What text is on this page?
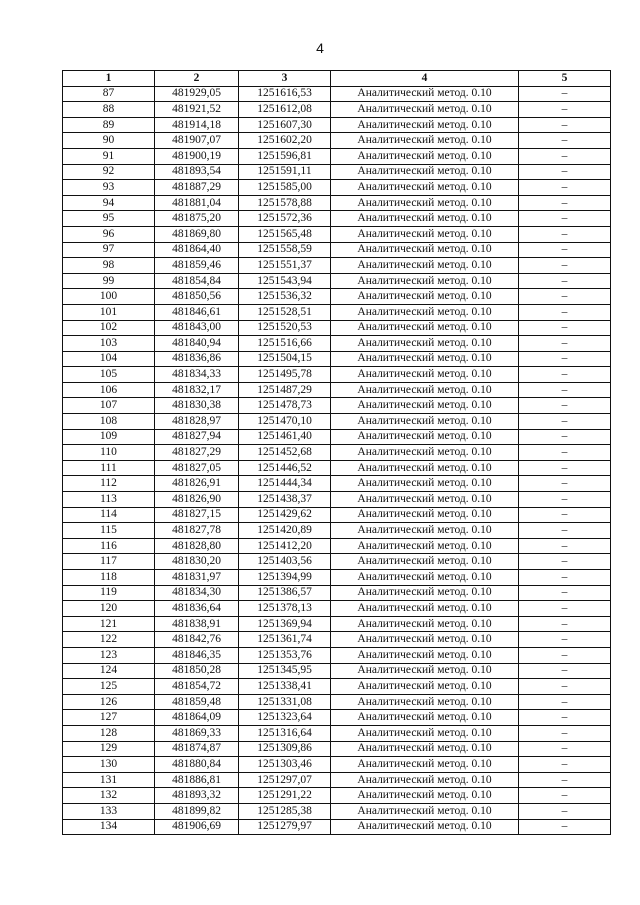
4
1	2	3	4	5
87	481929,05	1251616,53	Аналитический метод. 0.10	–
88	481921,52	1251612,08	Аналитический метод. 0.10	–
89	481914,18	1251607,30	Аналитический метод. 0.10	–
90	481907,07	1251602,20	Аналитический метод. 0.10	–
91	481900,19	1251596,81	Аналитический метод. 0.10	–
92	481893,54	1251591,11	Аналитический метод. 0.10	–
93	481887,29	1251585,00	Аналитический метод. 0.10	–
94	481881,04	1251578,88	Аналитический метод. 0.10	–
95	481875,20	1251572,36	Аналитический метод. 0.10	–
96	481869,80	1251565,48	Аналитический метод. 0.10	–
97	481864,40	1251558,59	Аналитический метод. 0.10	–
98	481859,46	1251551,37	Аналитический метод. 0.10	–
99	481854,84	1251543,94	Аналитический метод. 0.10	–
100	481850,56	1251536,32	Аналитический метод. 0.10	–
101	481846,61	1251528,51	Аналитический метод. 0.10	–
102	481843,00	1251520,53	Аналитический метод. 0.10	–
103	481840,94	1251516,66	Аналитический метод. 0.10	–
104	481836,86	1251504,15	Аналитический метод. 0.10	–
105	481834,33	1251495,78	Аналитический метод. 0.10	–
106	481832,17	1251487,29	Аналитический метод. 0.10	–
107	481830,38	1251478,73	Аналитический метод. 0.10	–
108	481828,97	1251470,10	Аналитический метод. 0.10	–
109	481827,94	1251461,40	Аналитический метод. 0.10	–
110	481827,29	1251452,68	Аналитический метод. 0.10	–
111	481827,05	1251446,52	Аналитический метод. 0.10	–
112	481826,91	1251444,34	Аналитический метод. 0.10	–
113	481826,90	1251438,37	Аналитический метод. 0.10	–
114	481827,15	1251429,62	Аналитический метод. 0.10	–
115	481827,78	1251420,89	Аналитический метод. 0.10	–
116	481828,80	1251412,20	Аналитический метод. 0.10	–
117	481830,20	1251403,56	Аналитический метод. 0.10	–
118	481831,97	1251394,99	Аналитический метод. 0.10	–
119	481834,30	1251386,57	Аналитический метод. 0.10	–
120	481836,64	1251378,13	Аналитический метод. 0.10	–
121	481838,91	1251369,94	Аналитический метод. 0.10	–
122	481842,76	1251361,74	Аналитический метод. 0.10	–
123	481846,35	1251353,76	Аналитический метод. 0.10	–
124	481850,28	1251345,95	Аналитический метод. 0.10	–
125	481854,72	1251338,41	Аналитический метод. 0.10	–
126	481859,48	1251331,08	Аналитический метод. 0.10	–
127	481864,09	1251323,64	Аналитический метод. 0.10	–
128	481869,33	1251316,64	Аналитический метод. 0.10	–
129	481874,87	1251309,86	Аналитический метод. 0.10	–
130	481880,84	1251303,46	Аналитический метод. 0.10	–
131	481886,81	1251297,07	Аналитический метод. 0.10	–
132	481893,32	1251291,22	Аналитический метод. 0.10	–
133	481899,82	1251285,38	Аналитический метод. 0.10	–
134	481906,69	1251279,97	Аналитический метод. 0.10	–
